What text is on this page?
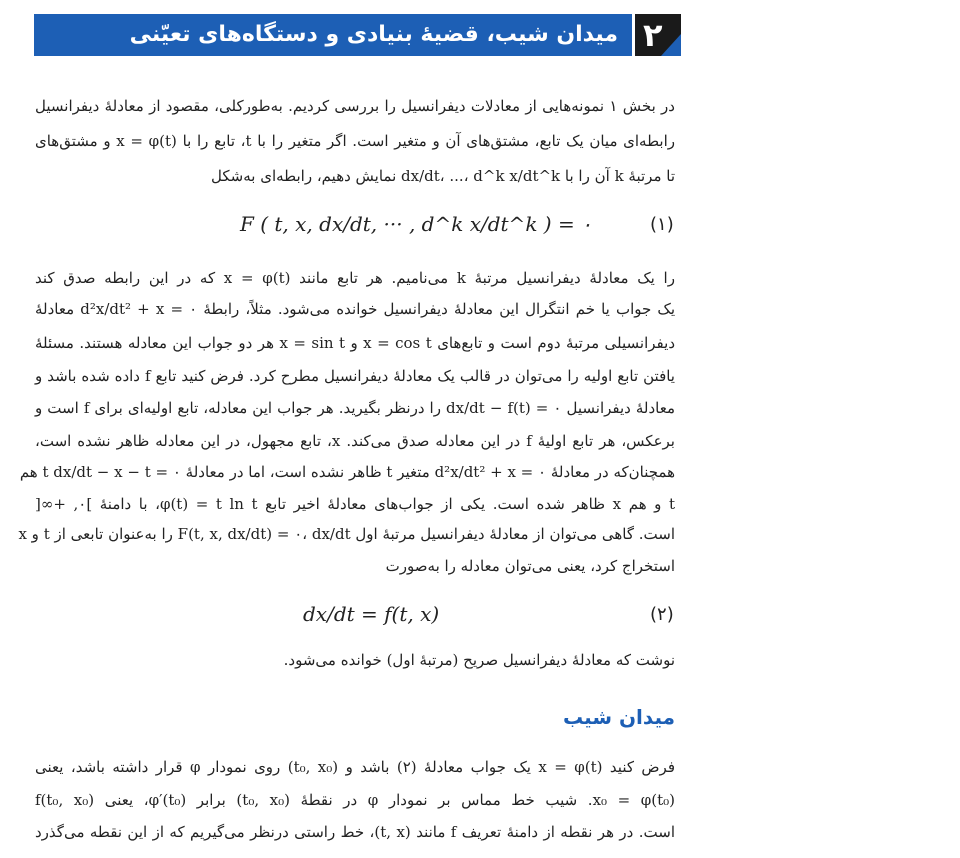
میدان شیب، قضیهٔ بنیادی و دستگاه‌های تعیّنی ۲
در بخش ۱ نمونه‌هایی از معادلات دیفرانسیل را بررسی کردیم. به‌طورکلی، مقصود از معادلهٔ دیفرانسیل
رابطه‌ای میان یک تابع، مشتق‌های آن و متغیر است. اگر متغیر را با t، تابع را با x = φ(t) و مشتق‌های
تا مرتبهٔ k آن را با dx/dt، ...، d^k x/dt^k نمایش دهیم، رابطه‌ای به‌شکل
F ( t, x, dx/dt, ··· , d^k x/dt^k ) = ۰	(۱)
را یک معادلهٔ دیفرانسیل مرتبهٔ k می‌نامیم. هر تابع مانند x = φ(t) که در این رابطه صدق کند
یک جواب یا خم انتگرال این معادلهٔ دیفرانسیل خوانده می‌شود. مثلاً، رابطهٔ d²x/dt² + x = ۰ معادلهٔ
دیفرانسیلی مرتبهٔ دوم است و تابع‌های x = cos t و x = sin t هر دو جواب این معادله هستند. مسئلهٔ
یافتن تابع اولیه را می‌توان در قالب یک معادلهٔ دیفرانسیل مطرح کرد. فرض کنید تابع f داده شده باشد و
معادلهٔ دیفرانسیل dx/dt − f(t) = ۰ را درنظر بگیرید. هر جواب این معادله، تابع اولیه‌ای برای f است و
برعکس، هر تابع اولیهٔ f در این معادله صدق می‌کند. x، تابع مجهول، در این معادله ظاهر نشده است،
همچنان‌که در معادلهٔ d²x/dt² + x = ۰ متغیر t ظاهر نشده است، اما در معادلهٔ t dx/dt − x − t = ۰ هم
t و هم x ظاهر شده است. یکی از جواب‌های معادلهٔ اخیر تابع φ(t) = t ln t، با دامنهٔ ]۰, +∞[
است. گاهی می‌توان از معادلهٔ دیفرانسیل مرتبهٔ اول F(t, x, dx/dt) = ۰، dx/dt را به‌عنوان تابعی از t و x
استخراج کرد، یعنی می‌توان معادله را به‌صورت
dx/dt = f(t, x)	(۲)
نوشت که معادلهٔ دیفرانسیل صریح (مرتبهٔ اول) خوانده می‌شود.
میدان شیب
فرض کنید x = φ(t) یک جواب معادلهٔ (۲) باشد و (t₀, x₀) روی نمودار φ قرار داشته باشد، یعنی
x₀ = φ(t₀). شیب خط مماس بر نمودار φ در نقطهٔ (t₀, x₀) برابر φ′(t₀)، یعنی f(t₀, x₀)
است. در هر نقطه از دامنهٔ تعریف f مانند (t, x)، خط راستی درنظر می‌گیریم که از این نقطه می‌گذرد
